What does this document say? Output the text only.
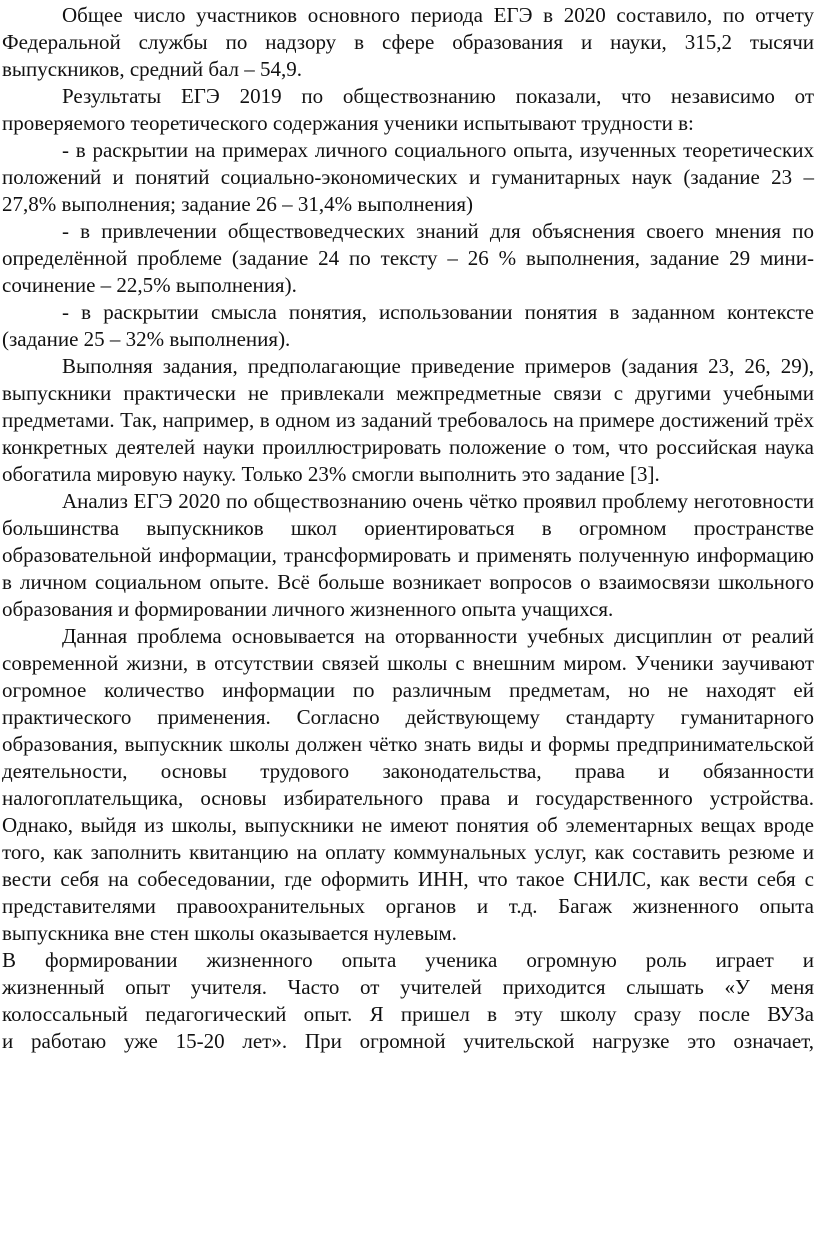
Общее число участников основного периода ЕГЭ в 2020 составило, по отчету Федеральной службы по надзору в сфере образования и науки, 315,2 тысячи выпускников, средний бал – 54,9.

Результаты ЕГЭ 2019 по обществознанию показали, что независимо от проверяемого теоретического содержания ученики испытывают трудности в:

- в раскрытии на примерах личного социального опыта, изученных теоретических положений и понятий социально-экономических и гуманитарных наук (задание 23 – 27,8% выполнения; задание 26 – 31,4% выполнения)

- в привлечении обществоведческих знаний для объяснения своего мнения по определённой проблеме (задание 24 по тексту – 26 % выполнения, задание 29 мини-сочинение – 22,5% выполнения).

- в раскрытии смысла понятия, использовании понятия в заданном контексте (задание 25 – 32% выполнения).

Выполняя задания, предполагающие приведение примеров (задания 23, 26, 29), выпускники практически не привлекали межпредметные связи с другими учебными предметами. Так, например, в одном из заданий требовалось на примере достижений трёх конкретных деятелей науки проиллюстрировать положение о том, что российская наука обогатила мировую науку. Только 23% смогли выполнить это задание [3].

Анализ ЕГЭ 2020 по обществознанию очень чётко проявил проблему неготовности большинства выпускников школ ориентироваться в огромном пространстве образовательной информации, трансформировать и применять полученную информацию в личном социальном опыте. Всё больше возникает вопросов о взаимосвязи школьного образования и формировании личного жизненного опыта учащихся.

Данная проблема основывается на оторванности учебных дисциплин от реалий современной жизни, в отсутствии связей школы с внешним миром. Ученики заучивают огромное количество информации по различным предметам, но не находят ей практического применения. Согласно действующему стандарту гуманитарного образования, выпускник школы должен чётко знать виды и формы предпринимательской деятельности, основы трудового законодательства, права и обязанности налогоплательщика, основы избирательного права и государственного устройства. Однако, выйдя из школы, выпускники не имеют понятия об элементарных вещах вроде того, как заполнить квитанцию на оплату коммунальных услуг, как составить резюме и вести себя на собеседовании, где оформить ИНН, что такое СНИЛС, как вести себя с представителями правоохранительных органов и т.д. Багаж жизненного опыта выпускника вне стен школы оказывается нулевым.

В формировании жизненного опыта ученика огромную роль играет и
жизненный опыт учителя. Часто от учителей приходится слышать «У меня
колоссальный педагогический опыт. Я пришел в эту школу сразу после ВУЗа
и работаю уже 15-20 лет». При огромной учительской нагрузке это означает,
